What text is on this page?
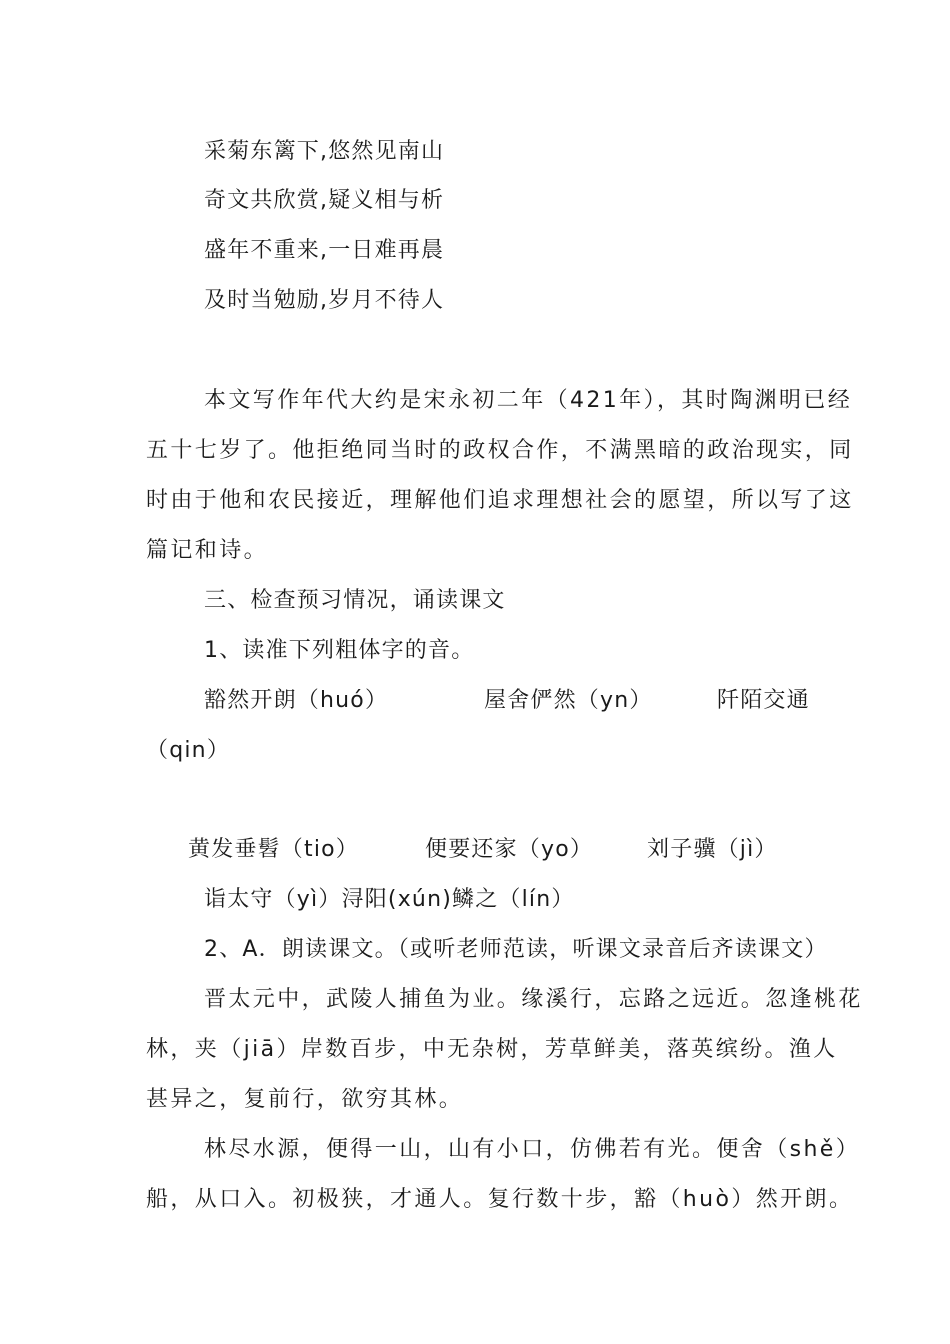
采菊东篱下,悠然见南山
奇文共欣赏,疑义相与析
盛年不重来,一日难再晨
及时当勉励,岁月不待人
本文写作年代大约是宋永初二年（421年），其时陶渊明已经
五十七岁了。他拒绝同当时的政权合作，不满黑暗的政治现实，同
时由于他和农民接近，理解他们追求理想社会的愿望，所以写了这
篇记和诗。
三、检查预习情况，诵读课文
1、读准下列粗体字的音。
豁然开朗（huó）	屋舍俨然（yn）	阡陌交通
（qin）
黄发垂髫（tio）	便要还家（yo） 刘子骥（jì）
诣太守（yì）浔阳(xún)鳞之（lín）
2、A．朗读课文。（或听老师范读，听课文录音后齐读课文）
晋太元中，武陵人捕鱼为业。缘溪行，忘路之远近。忽逢桃花
林，夹（jiā）岸数百步，中无杂树，芳草鲜美，落英缤纷。渔人
甚异之，复前行，欲穷其林。
林尽水源，便得一山，山有小口，仿佛若有光。便舍（shě）
船，从口入。初极狭，才通人。复行数十步，豁（huò）然开朗。
